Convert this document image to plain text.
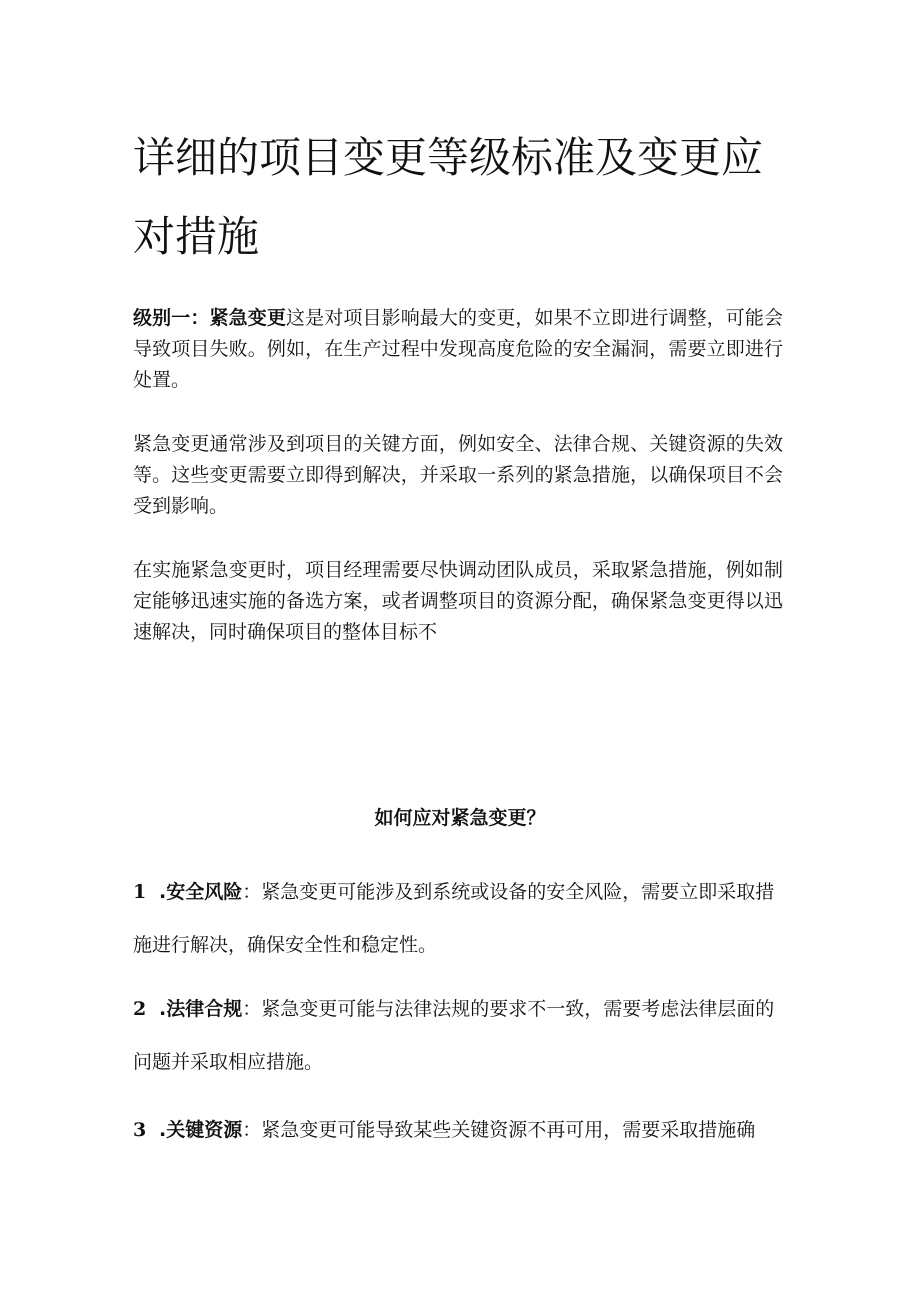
详细的项目变更等级标准及变更应对措施

级别一：紧急变更这是对项目影响最大的变更，如果不立即进行调整，可能会导致项目失败。例如，在生产过程中发现高度危险的安全漏洞，需要立即进行处置。

紧急变更通常涉及到项目的关键方面，例如安全、法律合规、关键资源的失效等。这些变更需要立即得到解决，并采取一系列的紧急措施，以确保项目不会受到影响。

在实施紧急变更时，项目经理需要尽快调动团队成员，采取紧急措施，例如制定能够迅速实施的备选方案，或者调整项目的资源分配，确保紧急变更得以迅速解决，同时确保项目的整体目标不

如何应对紧急变更？

1 .安全风险：紧急变更可能涉及到系统或设备的安全风险，需要立即采取措施进行解决，确保安全性和稳定性。

2 .法律合规：紧急变更可能与法律法规的要求不一致，需要考虑法律层面的问题并采取相应措施。

3 .关键资源：紧急变更可能导致某些关键资源不再可用，需要采取措施确
